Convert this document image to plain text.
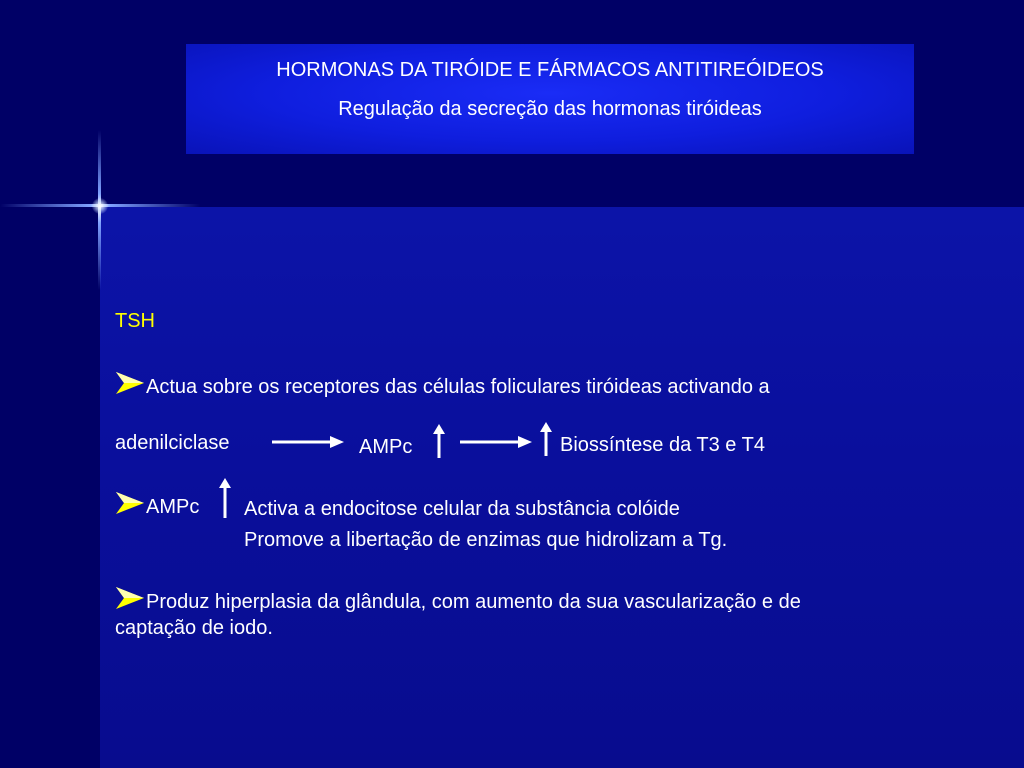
HORMONAS DA TIRÓIDE E FÁRMACOS ANTITIREÓIDEOS
Regulação da secreção das hormonas tiróideas
TSH
Actua sobre os receptores das células foliculares tiróideas activando a
adenilciclase	AMPc	Biossíntese da T3 e T4
AMPc Activa a endocitose celular da substância colóide
Promove a libertação de enzimas que hidrolizam a Tg.
Produz hiperplasia da glândula, com aumento da sua vascularização e de
captação de iodo.
